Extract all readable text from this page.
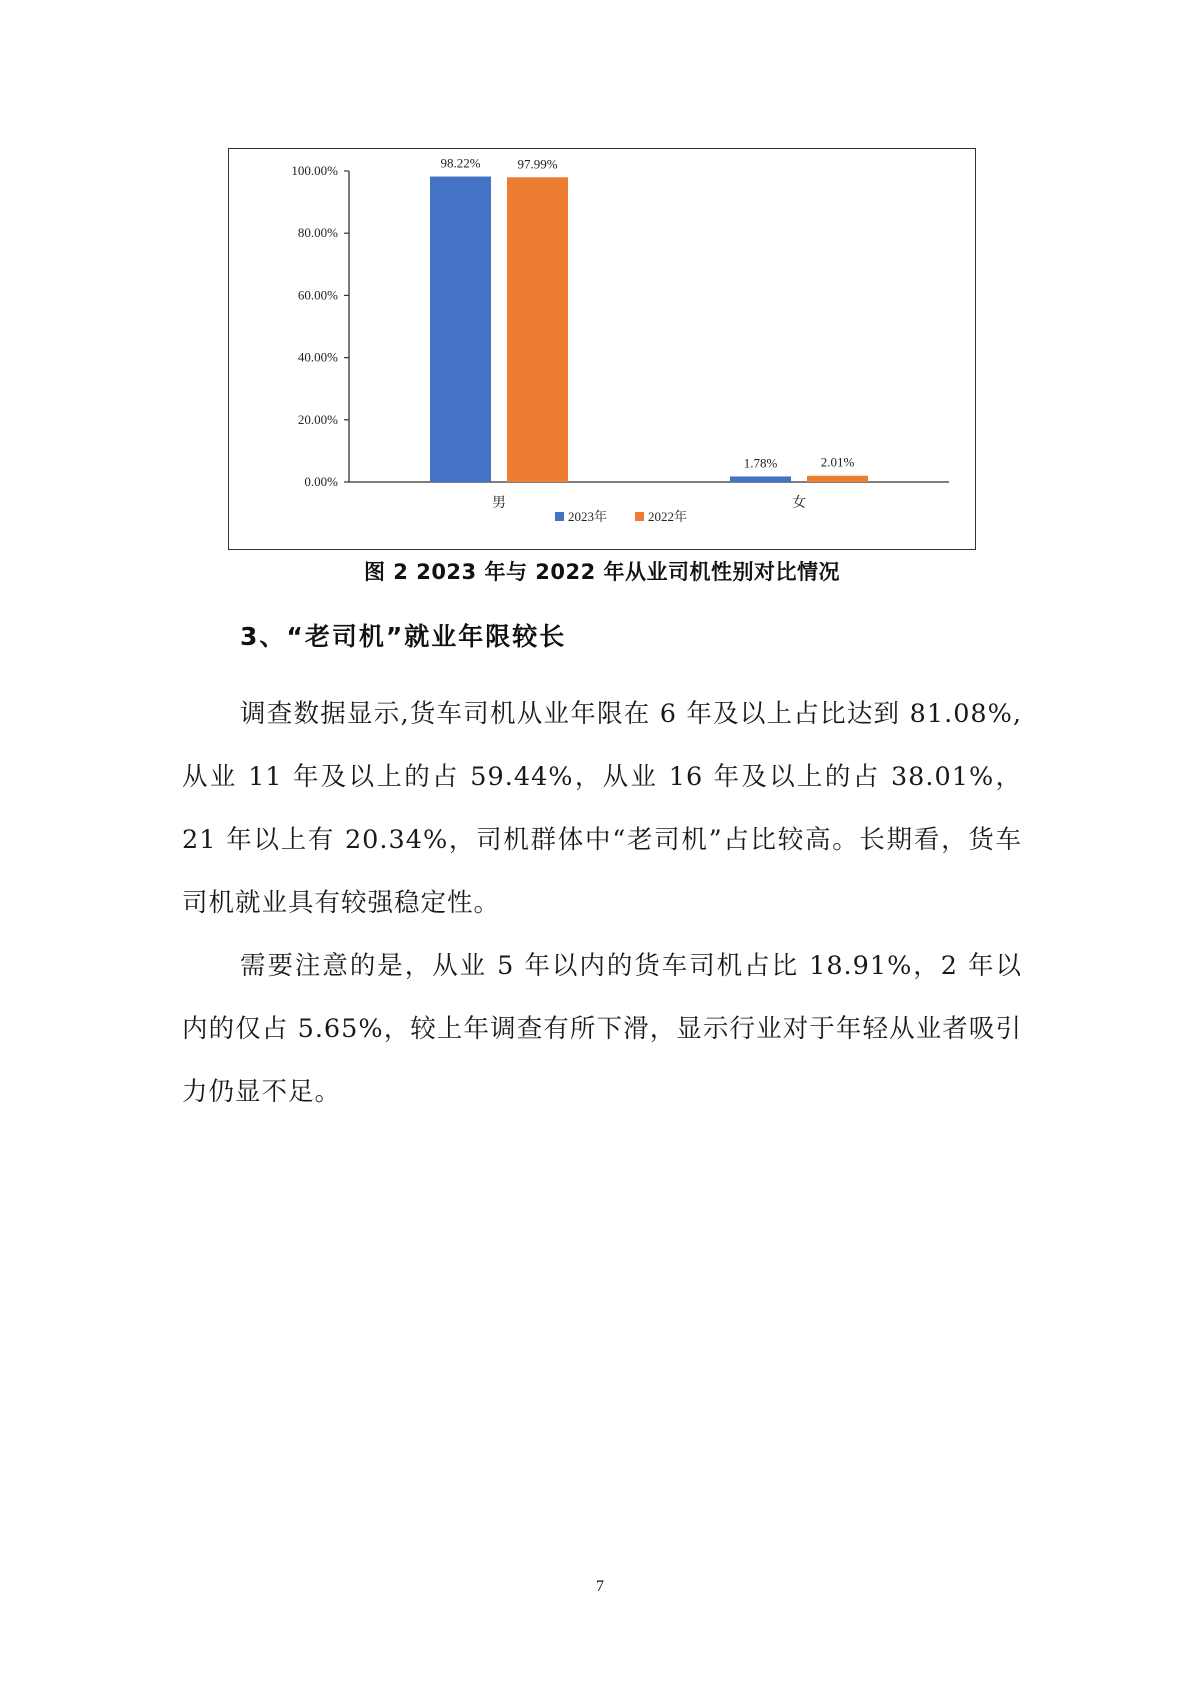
0.00%
20.00%
40.00%
60.00%
80.00%
100.00%	98.22%	97.99%
男
1.78%	2.01%
女
2023年	2022年
图 2 2023 年与 2022 年从业司机性别对比情况
3、“老司机”就业年限较长

调查数据显示,货车司机从业年限在 6 年及以上占比达到 81.08%,从业 11 年及以上的占 59.44%，从业 16 年及以上的占 38.01%，21 年以上有 20.34%，司机群体中“老司机”占比较高。长期看，货车司机就业具有较强稳定性。

需要注意的是，从业 5 年以内的货车司机占比 18.91%，2 年以内的仅占 5.65%，较上年调查有所下滑，显示行业对于年轻从业者吸引力仍显不足。

7
